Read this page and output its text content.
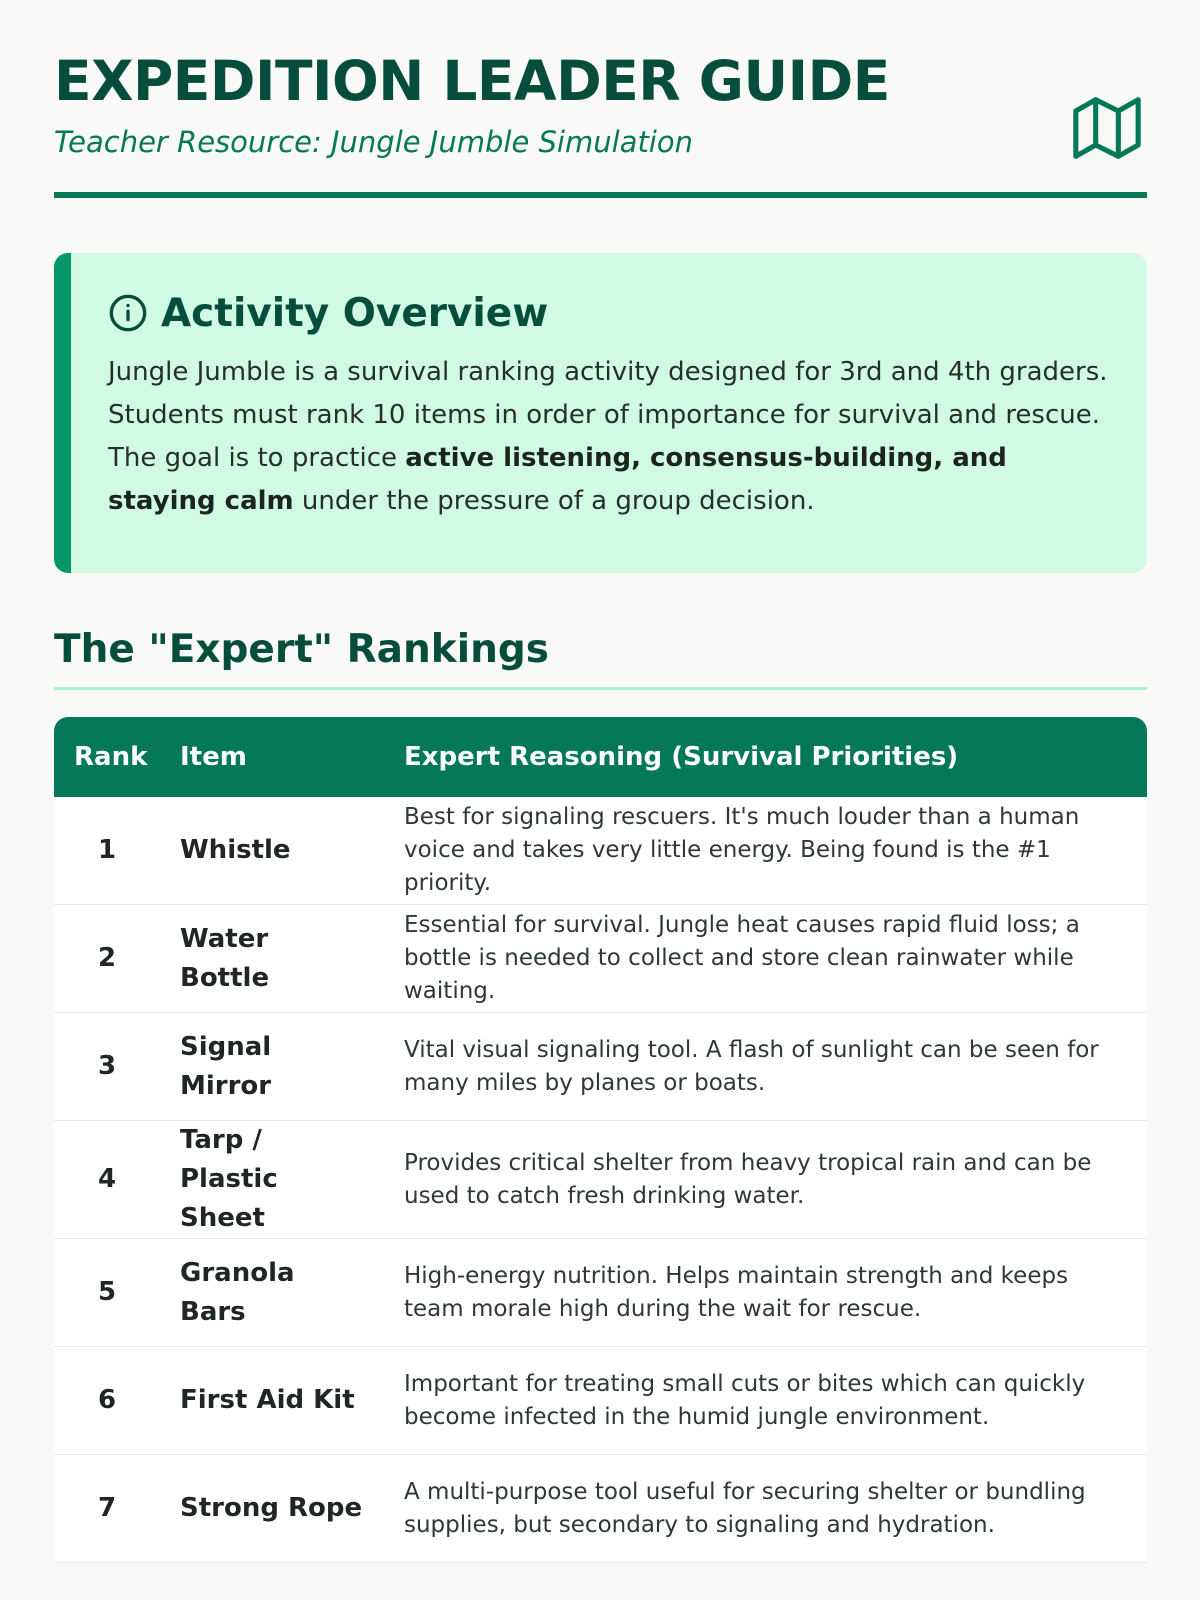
EXPEDITION LEADER GUIDE

Teacher Resource: Jungle Jumble Simulation

Activity Overview

Jungle Jumble is a survival ranking activity designed for 3rd and 4th graders. Students must rank 10 items in order of importance for survival and rescue. The goal is to practice active listening, consensus-building, and staying calm under the pressure of a group decision.

The "Expert" Rankings
Rank	Item	Expert Reasoning (Survival Priorities)
1	Whistle	Best for signaling rescuers. It's much louder than a human voice and takes very little energy. Being found is the #1 priority.
2	Water Bottle	Essential for survival. Jungle heat causes rapid fluid loss; a bottle is needed to collect and store clean rainwater while waiting.
3	Signal Mirror	Vital visual signaling tool. A flash of sunlight can be seen for many miles by planes or boats.
4	Tarp / Plastic Sheet	Provides critical shelter from heavy tropical rain and can be used to catch fresh drinking water.
5	Granola Bars	High-energy nutrition. Helps maintain strength and keeps team morale high during the wait for rescue.
6	First Aid Kit	Important for treating small cuts or bites which can quickly become infected in the humid jungle environment.
7	Strong Rope	A multi-purpose tool useful for securing shelter or bundling supplies, but secondary to signaling and hydration.
